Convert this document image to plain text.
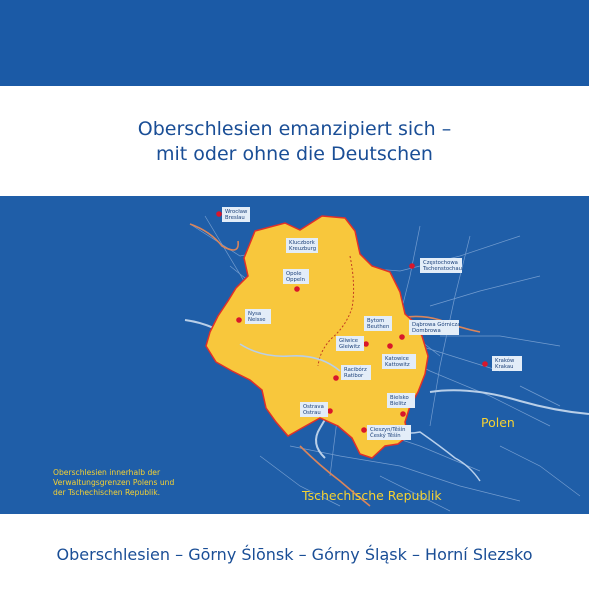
Oberschlesien emanzipiert sich –
mit oder ohne die Deutschen
Wrocław
Breslau
Kluczbork
Kreuzburg
Częstochowa
Tschenstochau
Opole
Oppeln
Nysa
Neisse	Bytom
Beuthen	Dąbrowa Górnicza
Dombrowa
Gliwice
Gleiwitz
Katowice
Kattowitz
Kraków
Krakau
Racibórz
Ratibor
Ostrava
Ostrau
Bielsko
Bielitz
Cieszyn/Těšín
Český Těšín
Polen
Tschechische Republik
Oberschlesien innerhalb der
Verwaltungsgrenzen Polens und
der Tschechischen Republik.
Oberschlesien – Gōrny Ślōnsk – Górny Śląsk – Horní Slezsko
